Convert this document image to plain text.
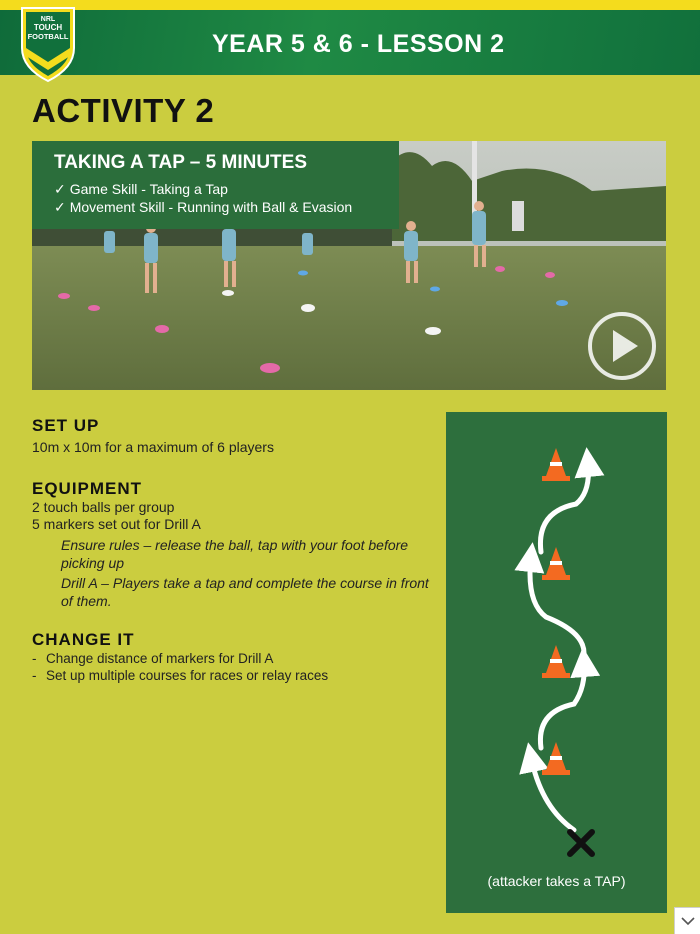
YEAR 5 & 6 - LESSON 2
NRL
TOUCH
FOOTBALL
ACTIVITY 2
TAKING A TAP – 5 MINUTES
✓ Game Skill - Taking a Tap
✓ Movement Skill - Running with Ball & Evasion
SET UP
10m x 10m for a maximum of 6 players
EQUIPMENT
2 touch balls per group
5 markers set out for Drill A
Ensure rules – release the ball, tap with your foot before picking up
Drill A – Players take a tap and complete the course in front of them.
CHANGE IT
- Change distance of markers for Drill A
- Set up multiple courses for races or relay races
(attacker takes a TAP)
